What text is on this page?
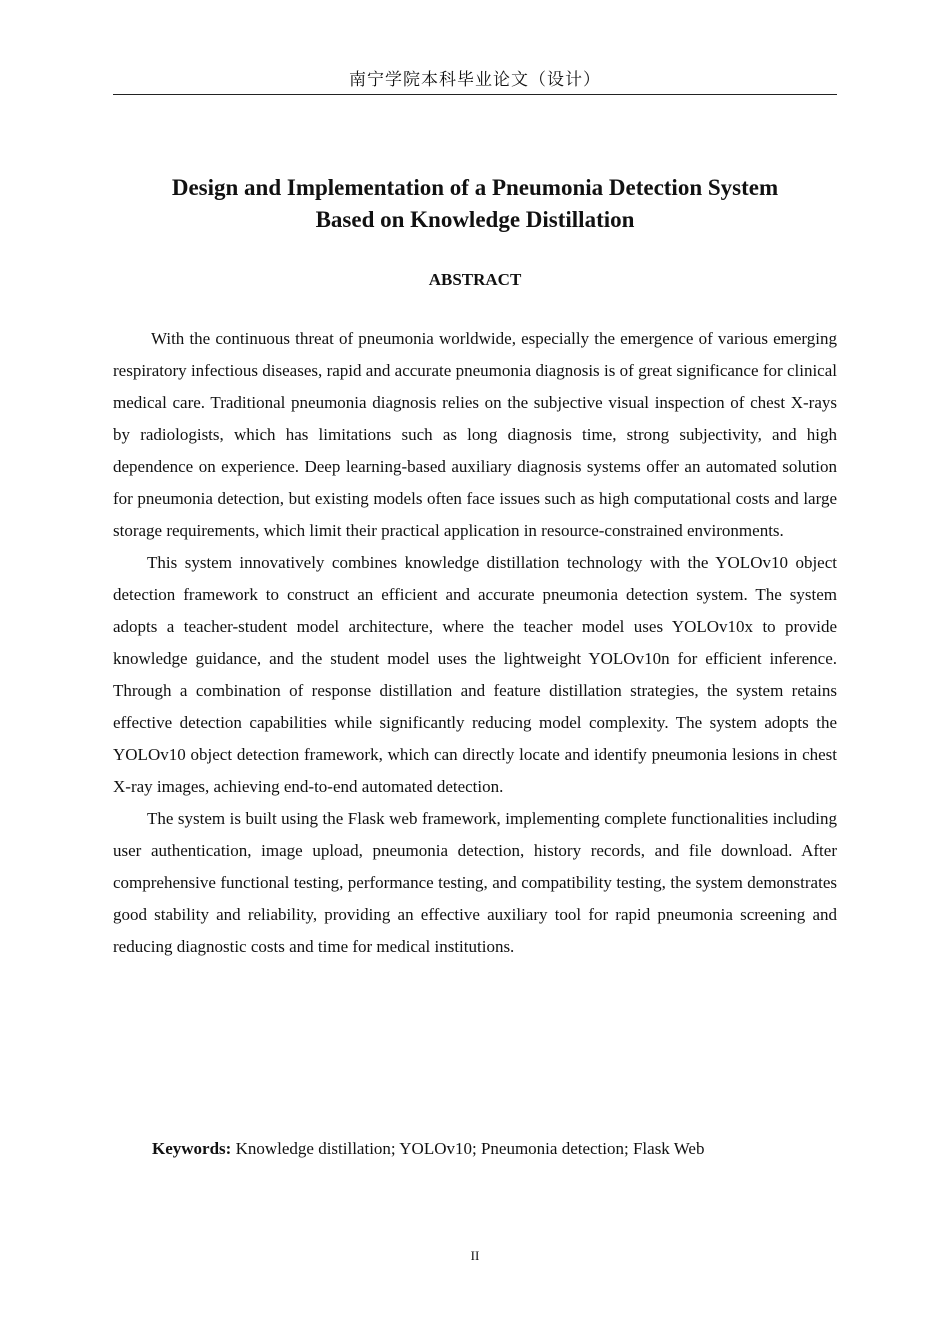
南宁学院本科毕业论文（设计）
Design and Implementation of a Pneumonia Detection System
Based on Knowledge Distillation
ABSTRACT

With the continuous threat of pneumonia worldwide, especially the emergence of various emerging respiratory infectious diseases, rapid and accurate pneumonia diagnosis is of great significance for clinical medical care. Traditional pneumonia diagnosis relies on the subjective visual inspection of chest X-rays by radiologists, which has limitations such as long diagnosis time, strong subjectivity, and high dependence on experience. Deep learning-based auxiliary diagnosis systems offer an automated solution for pneumonia detection, but existing models often face issues such as high computational costs and large storage requirements, which limit their practical application in resource-constrained environments.

This system innovatively combines knowledge distillation technology with the YOLOv10 object detection framework to construct an efficient and accurate pneumonia detection system. The system adopts a teacher-student model architecture, where the teacher model uses YOLOv10x to provide knowledge guidance, and the student model uses the lightweight YOLOv10n for efficient inference. Through a combination of response distillation and feature distillation strategies, the system retains effective detection capabilities while significantly reducing model complexity. The system adopts the YOLOv10 object detection framework, which can directly locate and identify pneumonia lesions in chest X-ray images, achieving end-to-end automated detection.

The system is built using the Flask web framework, implementing complete functionalities including user authentication, image upload, pneumonia detection, history records, and file download. After comprehensive functional testing, performance testing, and compatibility testing, the system demonstrates good stability and reliability, providing an effective auxiliary tool for rapid pneumonia screening and reducing diagnostic costs and time for medical institutions.

Keywords: Knowledge distillation; YOLOv10; Pneumonia detection; Flask Web
II
